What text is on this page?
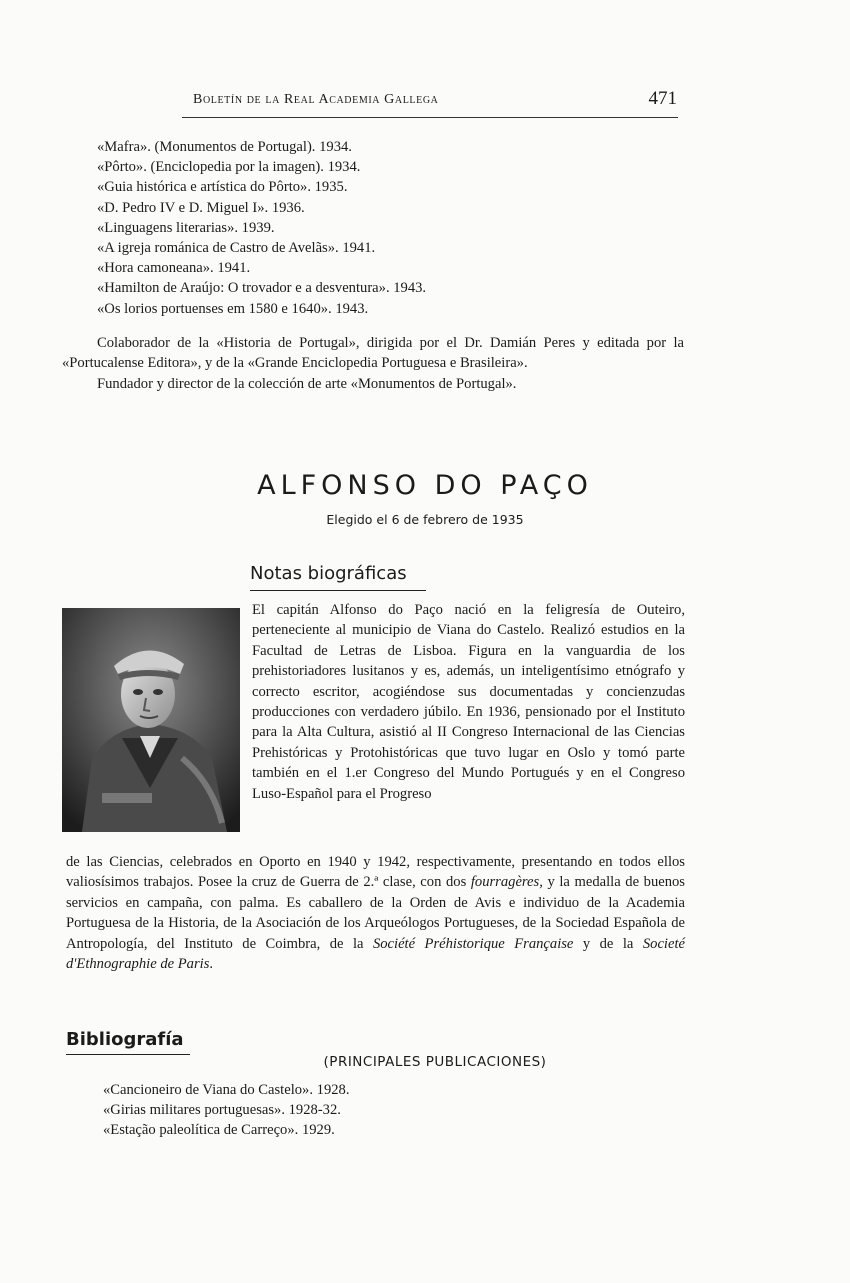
Boletín de la Real Academia Gallega	471
«Mafra». (Monumentos de Portugal). 1934.
«Pôrto». (Enciclopedia por la imagen). 1934.
«Guia histórica e artística do Pôrto». 1935.
«D. Pedro IV e D. Miguel I». 1936.
«Linguagens literarias». 1939.
«A igreja románica de Castro de Avelãs». 1941.
«Hora camoneana». 1941.
«Hamilton de Araújo: O trovador e a desventura». 1943.
«Os lorios portuenses em 1580 e 1640». 1943.
Colaborador de la «Historia de Portugal», dirigida por el Dr. Damián Peres y editada por la «Portucalense Editora», y de la «Grande Enciclopedia Portuguesa e Brasileira».
Fundador y director de la colección de arte «Monumentos de Portugal».
ALFONSO DO PAÇO
Elegido el 6 de febrero de 1935
Notas biográficas
El capitán Alfonso do Paço nació en la feligresía de Outeiro, perteneciente al municipio de Viana do Castelo. Realizó estudios en la Facultad de Letras de Lisboa. Figura en la vanguardia de los prehistoriadores lusitanos y es, además, un inteligentísimo etnógrafo y correcto escritor, acogiéndose sus documentadas y concienzudas producciones con verdadero júbilo. En 1936, pensionado por el Instituto para la Alta Cultura, asistió al II Congreso Internacional de las Ciencias Prehistóricas y Protohistóricas que tuvo lugar en Oslo y tomó parte también en el 1.er Congreso del Mundo Portugués y en el Congreso Luso-Español para el Progreso
de las Ciencias, celebrados en Oporto en 1940 y 1942, respectivamente, presentando en todos ellos valiosísimos trabajos. Posee la cruz de Guerra de 2.ª clase, con dos fourragères, y la medalla de buenos servicios en campaña, con palma. Es caballero de la Orden de Avis e individuo de la Academia Portuguesa de la Historia, de la Asociación de los Arqueólogos Portugueses, de la Sociedad Española de Antropología, del Instituto de Coimbra, de la Société Préhistorique Française y de la Societé d'Ethnographie de Paris.
Bibliografía
(PRINCIPALES PUBLICACIONES)
«Cancioneiro de Viana do Castelo». 1928.
«Girias militares portuguesas». 1928-32.
«Estação paleolítica de Carreço». 1929.
